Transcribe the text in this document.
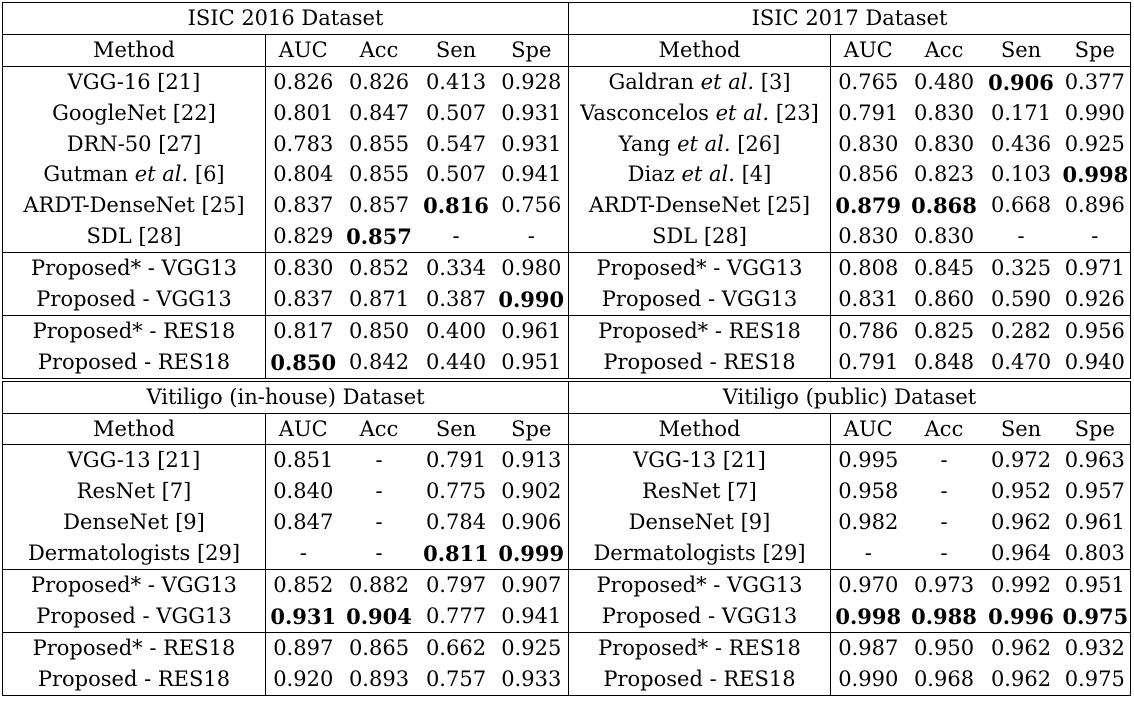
ISIC 2016 Dataset					ISIC 2017 Dataset				
Method	AUC	Acc	Sen	Spe	Method	AUC	Acc	Sen	Spe
VGG-16 [21]	0.826	0.826	0.413	0.928	Galdran et al. [3]	0.765	0.480	0.906	0.377
GoogleNet [22]	0.801	0.847	0.507	0.931	Vasconcelos et al. [23]	0.791	0.830	0.171	0.990
DRN-50 [27]	0.783	0.855	0.547	0.931	Yang et al. [26]	0.830	0.830	0.436	0.925
Gutman et al. [6]	0.804	0.855	0.507	0.941	Diaz et al. [4]	0.856	0.823	0.103	0.998
ARDT-DenseNet [25]	0.837	0.857	0.816	0.756	ARDT-DenseNet [25]	0.879	0.868	0.668	0.896
SDL [28]	0.829	0.857	-	-	SDL [28]	0.830	0.830	-	-
Proposed* - VGG13	0.830	0.852	0.334	0.980	Proposed* - VGG13	0.808	0.845	0.325	0.971
Proposed - VGG13	0.837	0.871	0.387	0.990	Proposed - VGG13	0.831	0.860	0.590	0.926
Proposed* - RES18	0.817	0.850	0.400	0.961	Proposed* - RES18	0.786	0.825	0.282	0.956
Proposed - RES18	0.850	0.842	0.440	0.951	Proposed - RES18	0.791	0.848	0.470	0.940
Vitiligo (in-house) Dataset					Vitiligo (public) Dataset				
Method	AUC	Acc	Sen	Spe	Method	AUC	Acc	Sen	Spe
VGG-13 [21]	0.851	-	0.791	0.913	VGG-13 [21]	0.995	-	0.972	0.963
ResNet [7]	0.840	-	0.775	0.902	ResNet [7]	0.958	-	0.952	0.957
DenseNet [9]	0.847	-	0.784	0.906	DenseNet [9]	0.982	-	0.962	0.961
Dermatologists [29]	-	-	0.811	0.999	Dermatologists [29]	-	-	0.964	0.803
Proposed* - VGG13	0.852	0.882	0.797	0.907	Proposed* - VGG13	0.970	0.973	0.992	0.951
Proposed - VGG13	0.931	0.904	0.777	0.941	Proposed - VGG13	0.998	0.988	0.996	0.975
Proposed* - RES18	0.897	0.865	0.662	0.925	Proposed* - RES18	0.987	0.950	0.962	0.932
Proposed - RES18	0.920	0.893	0.757	0.933	Proposed - RES18	0.990	0.968	0.962	0.975
